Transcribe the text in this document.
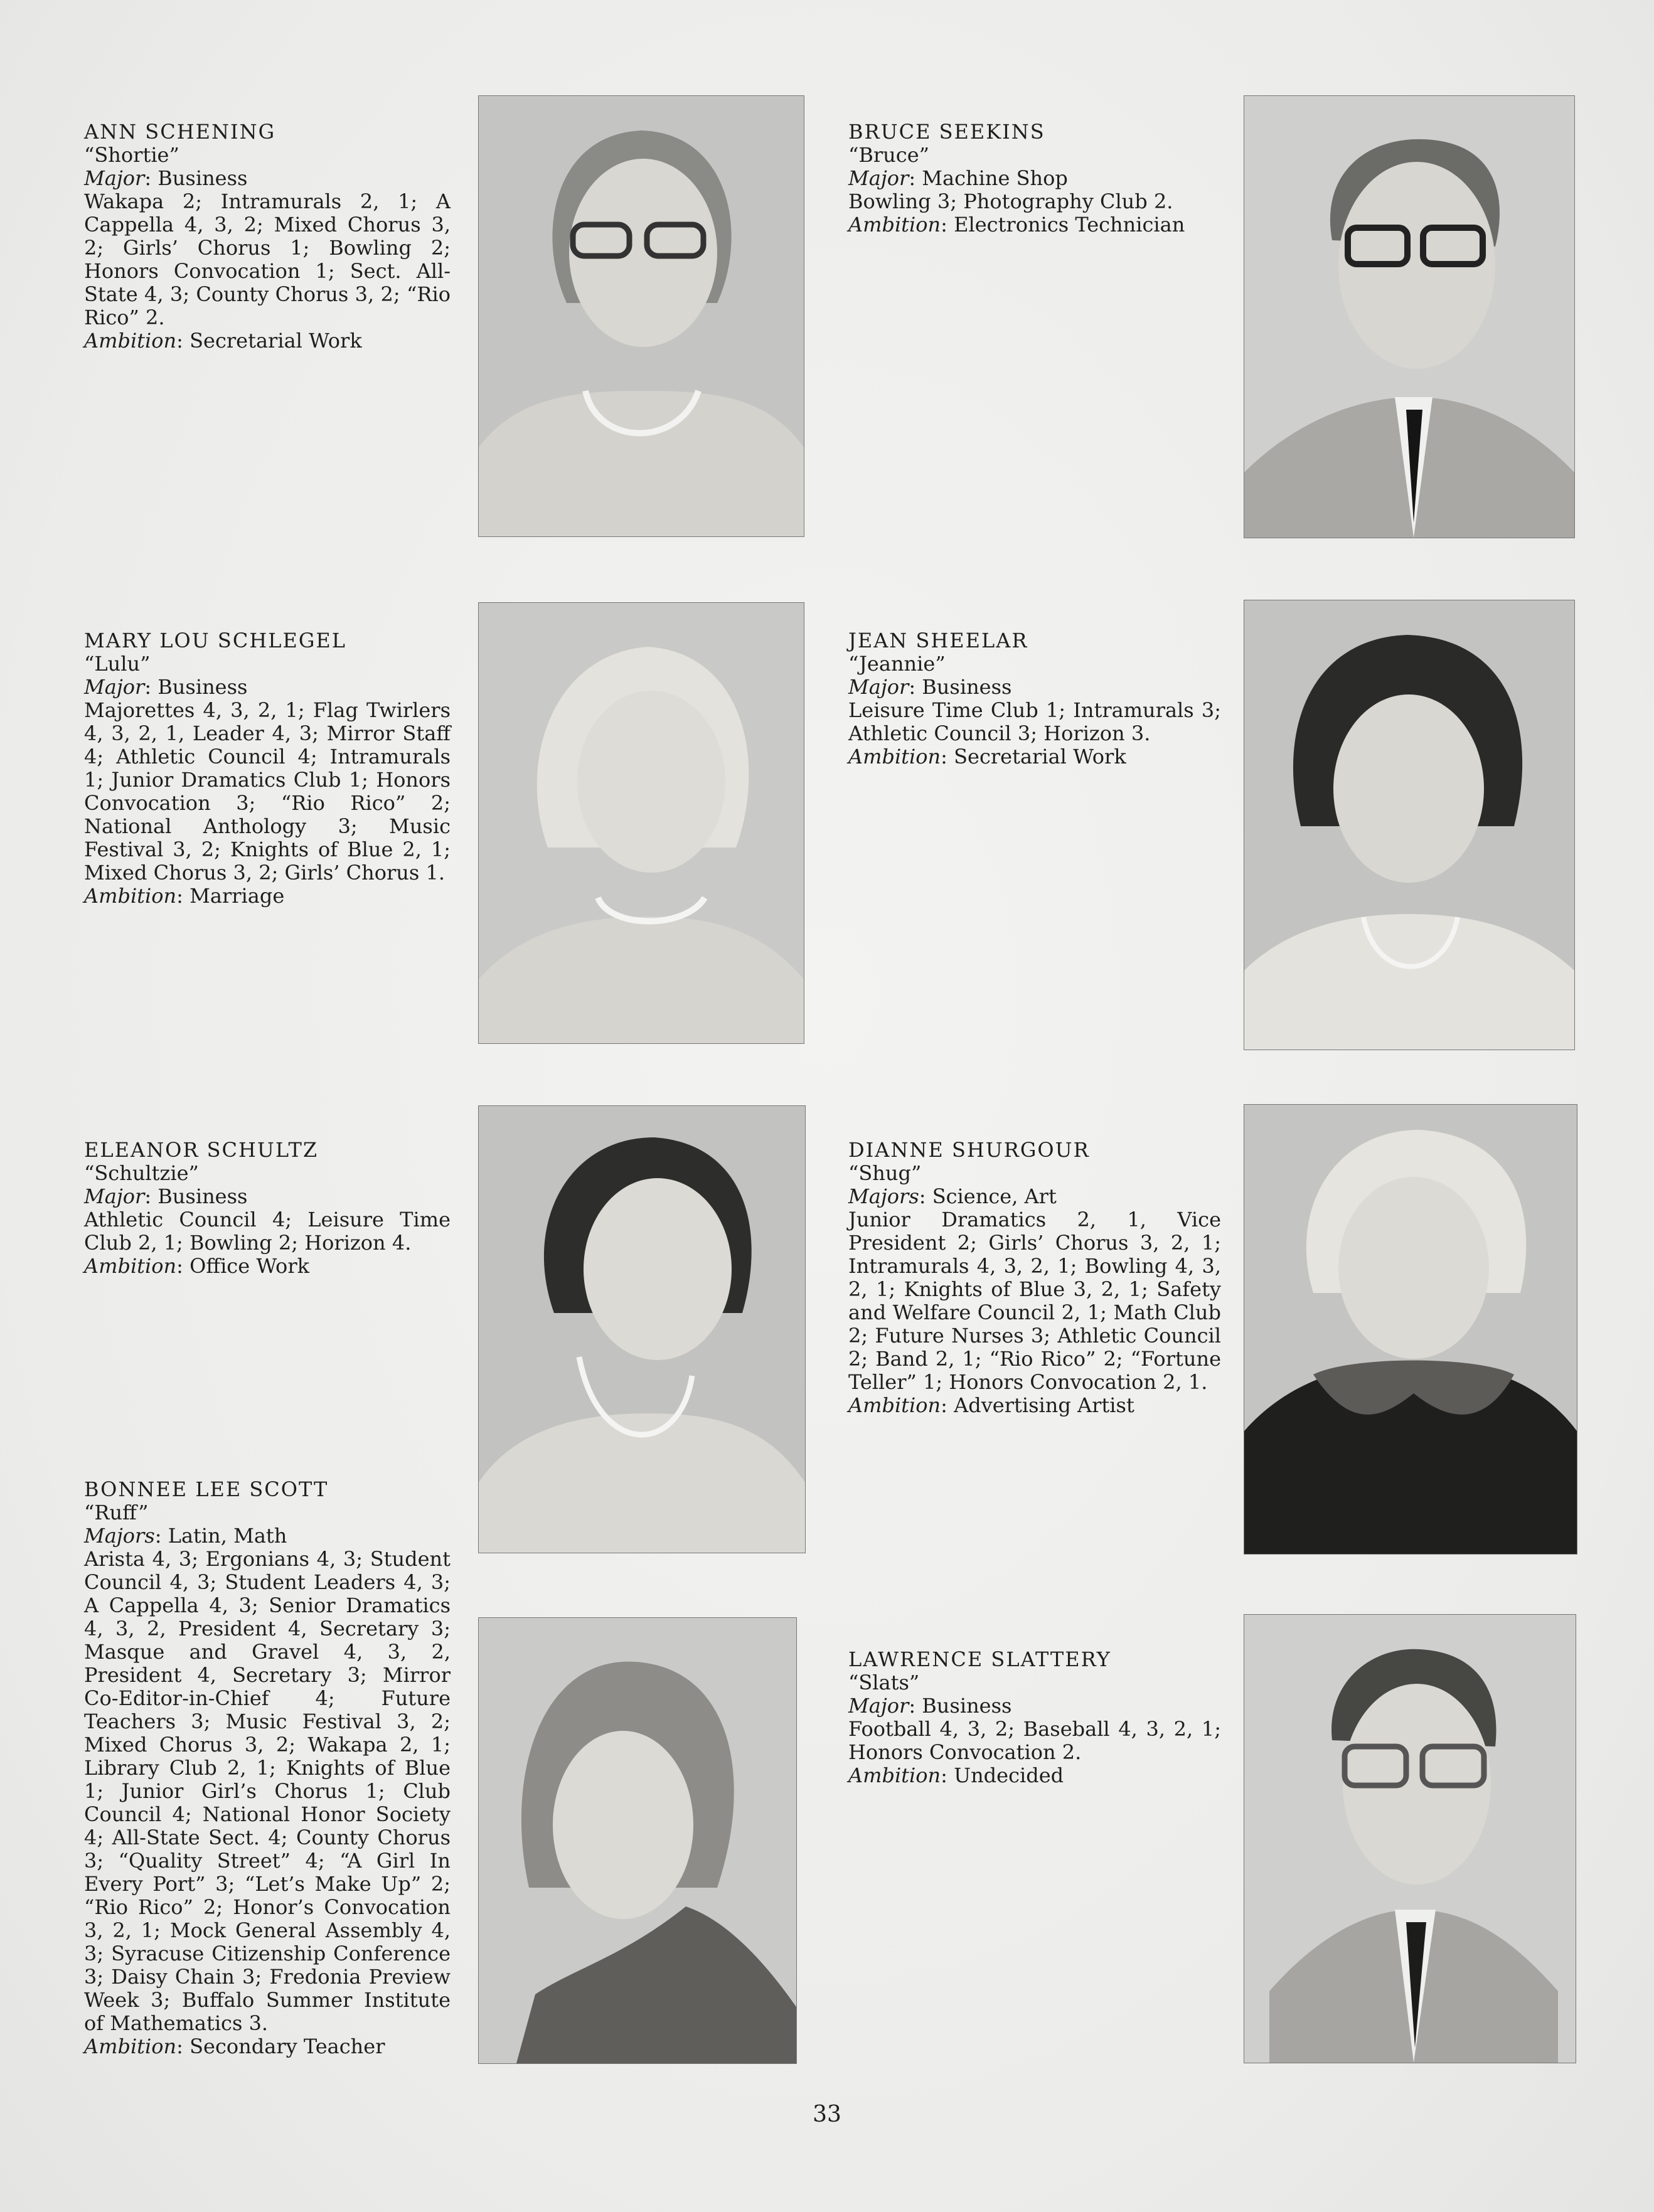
ANN SCHENING

“Shortie”

Major: Business

Wakapa 2; Intramurals 2, 1; A Cappella 4, 3, 2; Mixed Chorus 3, 2; Girls’ Chorus 1; Bowling 2; Honors Convocation 1; Sect. All-State 4, 3; County Chorus 3, 2; “Rio Rico” 2.

Ambition: Secretarial Work

BRUCE SEEKINS

“Bruce”

Major: Machine Shop

Bowling 3; Photography Club 2.

Ambition: Electronics Technician

MARY LOU SCHLEGEL

“Lulu”

Major: Business

Majorettes 4, 3, 2, 1; Flag Twirlers 4, 3, 2, 1, Leader 4, 3; Mirror Staff 4; Athletic Council 4; Intramurals 1; Junior Dramatics Club 1; Honors Convocation 3; “Rio Rico” 2; National Anthology 3; Music Festival 3, 2; Knights of Blue 2, 1; Mixed Chorus 3, 2; Girls’ Chorus 1.

Ambition: Marriage

JEAN SHEELAR

“Jeannie”

Major: Business

Leisure Time Club 1; Intramurals 3; Athletic Council 3; Horizon 3.

Ambition: Secretarial Work

ELEANOR SCHULTZ

“Schultzie”

Major: Business

Athletic Council 4; Leisure Time Club 2, 1; Bowling 2; Horizon 4.

Ambition: Office Work

DIANNE SHURGOUR

“Shug”

Majors: Science, Art

Junior Dramatics 2, 1, Vice President 2; Girls’ Chorus 3, 2, 1; Intramurals 4, 3, 2, 1; Bowling 4, 3, 2, 1; Knights of Blue 3, 2, 1; Safety and Welfare Council 2, 1; Math Club 2; Future Nurses 3; Athletic Council 2; Band 2, 1; “Rio Rico” 2; “Fortune Teller” 1; Honors Convocation 2, 1.

Ambition: Advertising Artist

BONNEE LEE SCOTT

“Ruff”

Majors: Latin, Math

Arista 4, 3; Ergonians 4, 3; Student Council 4, 3; Student Leaders 4, 3; A Cappella 4, 3; Senior Dramatics 4, 3, 2, President 4, Secretary 3; Masque and Gravel 4, 3, 2, President 4, Secretary 3; Mirror Co-Editor-in-Chief 4; Future Teachers 3; Music Festival 3, 2; Mixed Chorus 3, 2; Wakapa 2, 1; Library Club 2, 1; Knights of Blue 1; Junior Girl’s Chorus 1; Club Council 4; National Honor Society 4; All-State Sect. 4; County Chorus 3; “Quality Street” 4; “A Girl In Every Port” 3; “Let’s Make Up” 2; “Rio Rico” 2; Honor’s Convocation 3, 2, 1; Mock General Assembly 4, 3; Syracuse Citizenship Conference 3; Daisy Chain 3; Fredonia Preview Week 3; Buffalo Summer Institute of Mathematics 3.

Ambition: Secondary Teacher

LAWRENCE SLATTERY

“Slats”

Major: Business

Football 4, 3, 2; Baseball 4, 3, 2, 1; Honors Convocation 2.

Ambition: Undecided

33
